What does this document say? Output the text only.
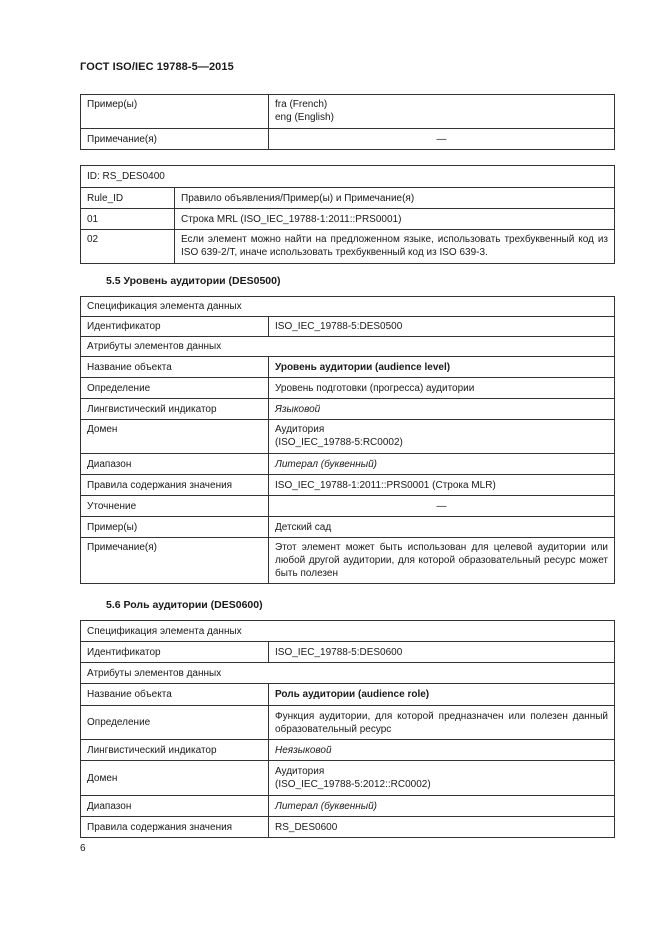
ГОСТ ISO/IEC 19788-5—2015
Пример(ы)	fra (French)
eng (English)

Примечание(я)	—
ID: RS_DES0400	
Rule_ID	Правило объявления/Пример(ы) и Примечание(я)
01	Строка MRL (ISO_IEC_19788-1:2011::PRS0001)
02	Если элемент можно найти на предложенном языке, использовать трехбуквенный код из ISO 639-2/T, иначе использовать трехбуквенный код из ISO 639-3.
5.5 Уровень аудитории (DES0500)
Спецификация элемента данных	
Идентификатор	ISO_IEC_19788-5:DES0500
Атрибуты элементов данных	
Название объекта	Уровень аудитории (audience level)
Определение	Уровень подготовки (прогресса) аудитории
Лингвистический индикатор	Языковой
Домен	Аудитория
(ISO_IEC_19788-5:RC0002)

Диапазон	Литерал (буквенный)
Правила содержания значения	ISO_IEC_19788-1:2011::PRS0001 (Строка MLR)
Уточнение	—
Пример(ы)	Детский сад
Примечание(я)	Этот элемент может быть использован для целевой аудитории или любой другой аудитории, для которой образовательный ресурс может быть полезен
5.6 Роль аудитории (DES0600)
Спецификация элемента данных	
Идентификатор	ISO_IEC_19788-5:DES0600
Атрибуты элементов данных	
Название объекта	Роль аудитории (audience role)
Определение	Функция аудитории, для которой предназначен или полезен данный образовательный ресурс
Лингвистический индикатор	Неязыковой
Домен	Аудитория
(ISO_IEC_19788-5:2012::RC0002)

Диапазон	Литерал (буквенный)
Правила содержания значения	RS_DES0600
6
